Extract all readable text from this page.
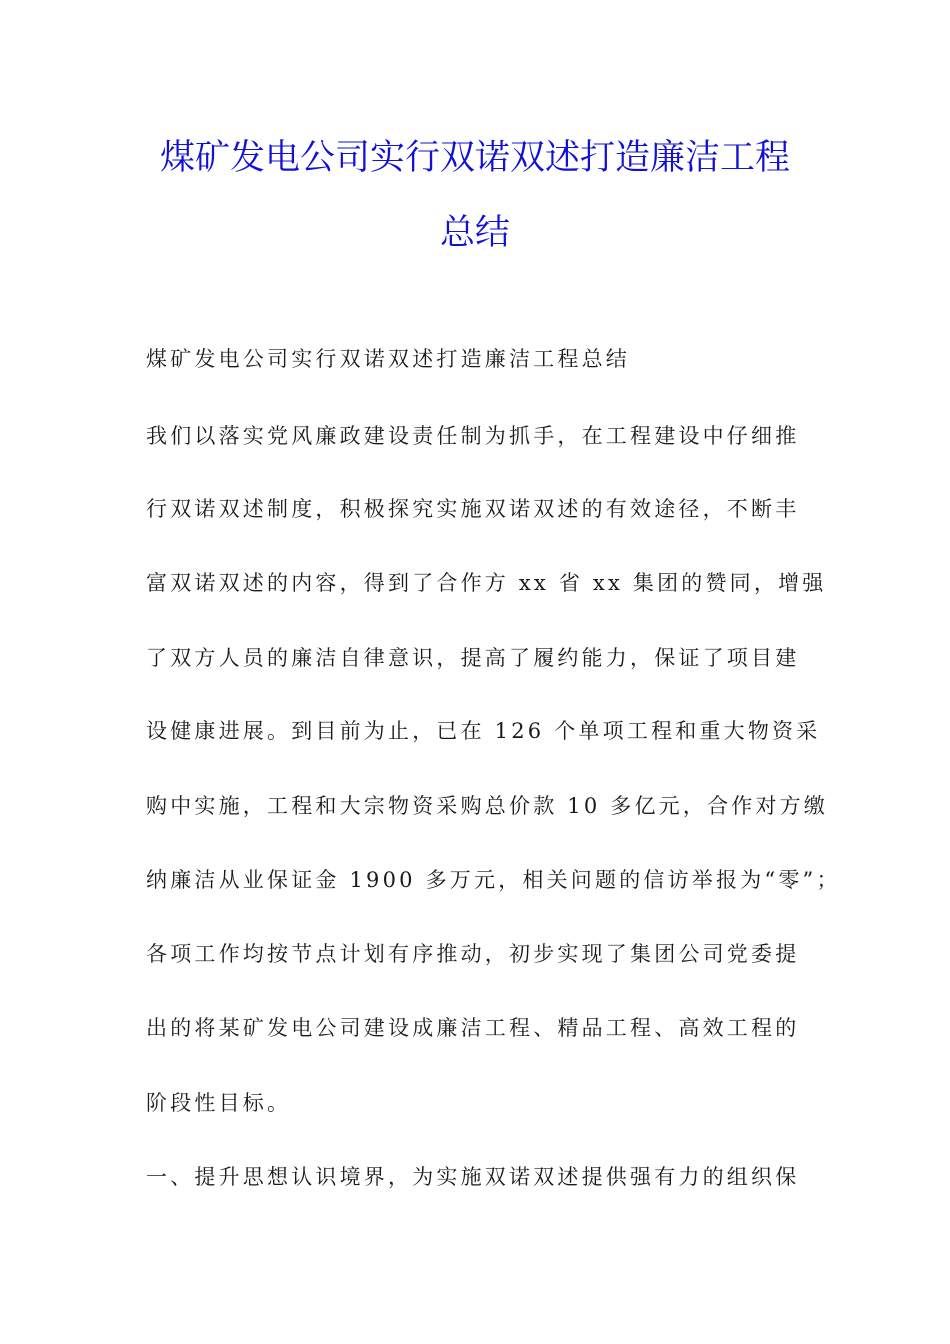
煤矿发电公司实行双诺双述打造廉洁工程
总结
煤矿发电公司实行双诺双述打造廉洁工程总结
我们以落实党风廉政建设责任制为抓手，在工程建设中仔细推
行双诺双述制度，积极探究实施双诺双述的有效途径，不断丰
富双诺双述的内容，得到了合作方 xx 省 xx 集团的赞同，增强
了双方人员的廉洁自律意识，提高了履约能力，保证了项目建
设健康进展。到目前为止，已在 126 个单项工程和重大物资采
购中实施，工程和大宗物资采购总价款 10 多亿元，合作对方缴
纳廉洁从业保证金 1900 多万元，相关问题的信访举报为“零”；
各项工作均按节点计划有序推动，初步实现了集团公司党委提
出的将某矿发电公司建设成廉洁工程、精品工程、高效工程的
阶段性目标。
一、提升思想认识境界，为实施双诺双述提供强有力的组织保
